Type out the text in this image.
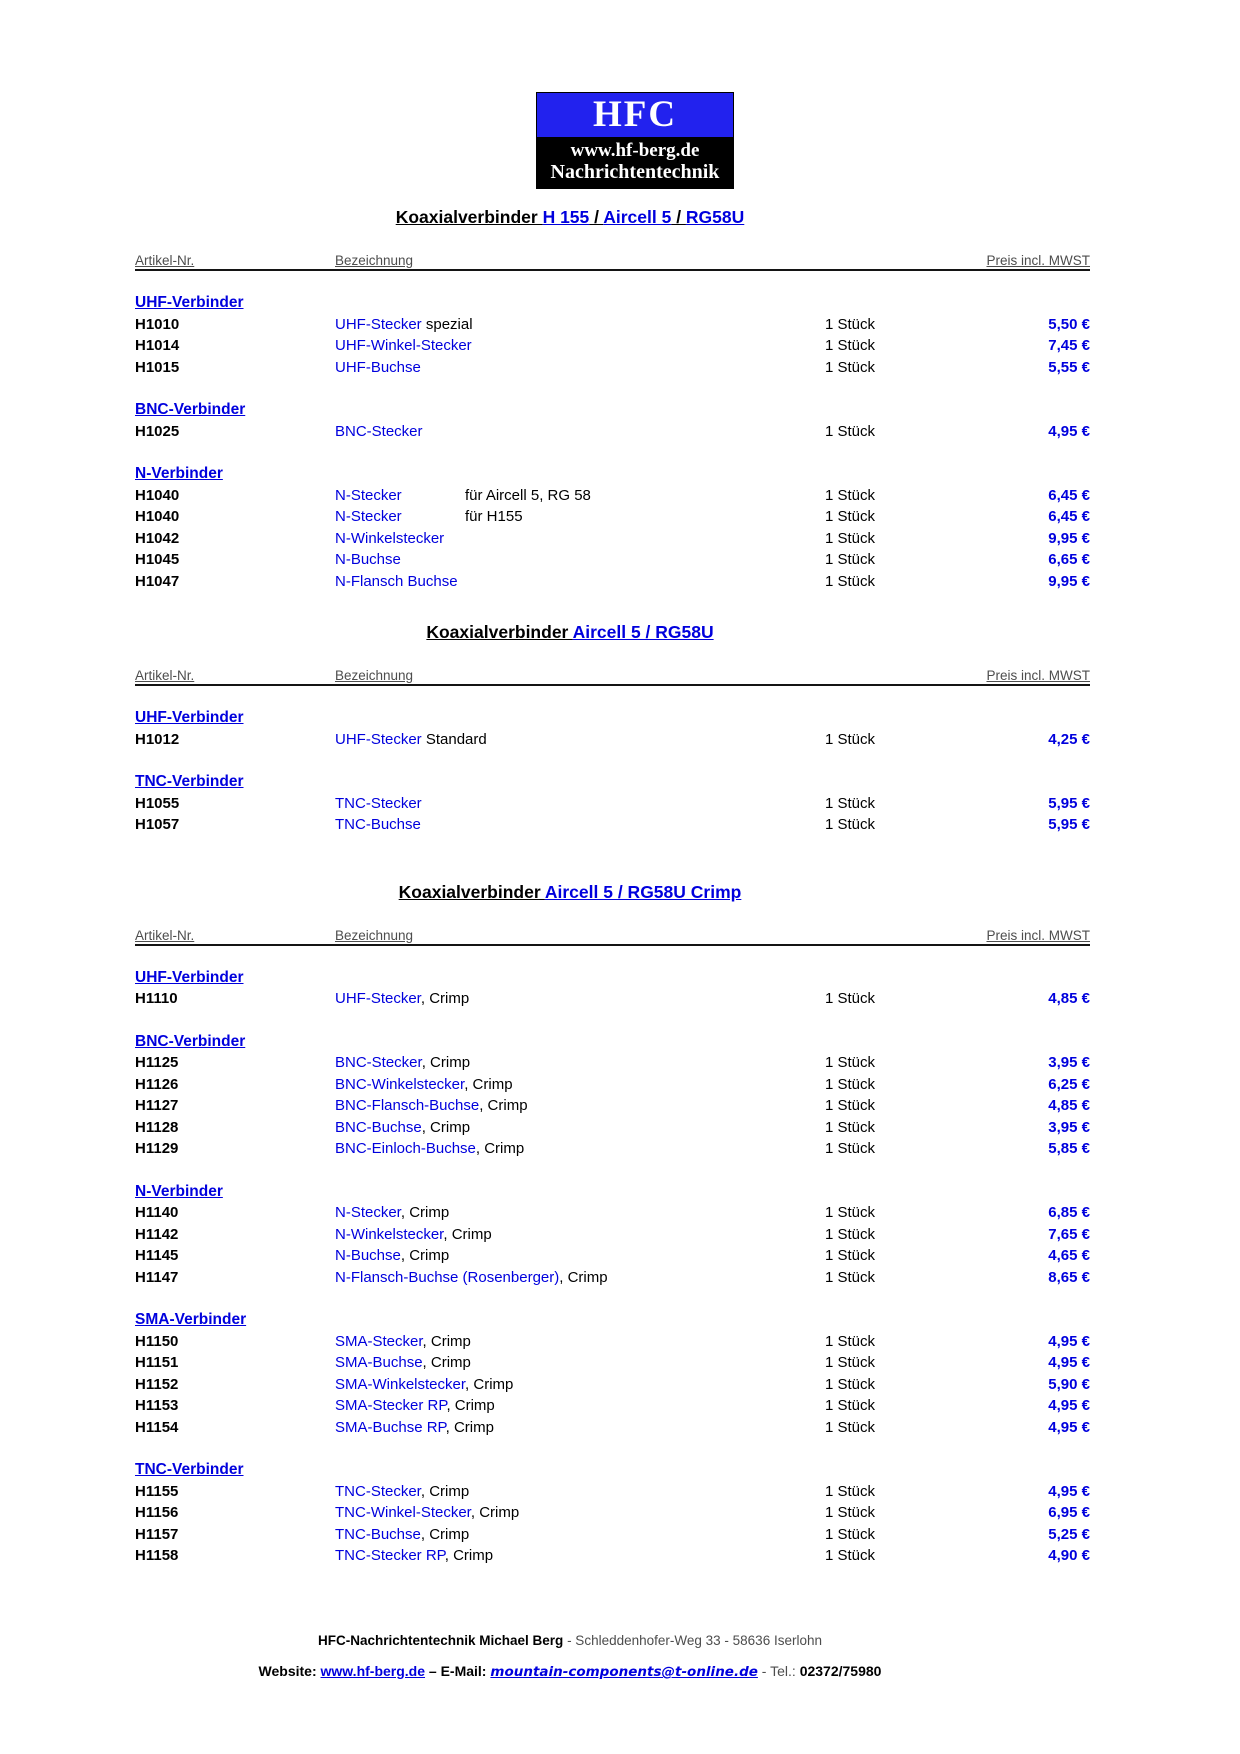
HFC
www.hf-berg.de
Nachrichtentechnik
Koaxialverbinder H 155 / Aircell 5 / RG58U
Artikel-Nr.	Bezeichnung	Preis incl. MWST
UHF-Verbinder
H1010	UHF-Stecker spezial	1 Stück	5,50 €
H1014	UHF-Winkel-Stecker	1 Stück	7,45 €
H1015	UHF-Buchse	1 Stück	5,55 €
BNC-Verbinder
H1025	BNC-Stecker	1 Stück	4,95 €
N-Verbinder
H1040	N-Stecker	für Aircell 5, RG 58	1 Stück	6,45 €
H1040	N-Stecker	für H155	1 Stück	6,45 €
H1042	N-Winkelstecker	1 Stück	9,95 €
H1045	N-Buchse	1 Stück	6,65 €
H1047	N-Flansch Buchse	1 Stück	9,95 €
Koaxialverbinder Aircell 5 / RG58U
Artikel-Nr.	Bezeichnung	Preis incl. MWST
UHF-Verbinder
H1012	UHF-Stecker Standard	1 Stück	4,25 €
TNC-Verbinder
H1055	TNC-Stecker	1 Stück	5,95 €
H1057	TNC-Buchse	1 Stück	5,95 €
Koaxialverbinder Aircell 5 / RG58U Crimp
Artikel-Nr.	Bezeichnung	Preis incl. MWST
UHF-Verbinder
H1110	UHF-Stecker, Crimp	1 Stück	4,85 €
BNC-Verbinder
H1125	BNC-Stecker, Crimp	1 Stück	3,95 €
H1126	BNC-Winkelstecker, Crimp	1 Stück	6,25 €
H1127	BNC-Flansch-Buchse, Crimp	1 Stück	4,85 €
H1128	BNC-Buchse, Crimp	1 Stück	3,95 €
H1129	BNC-Einloch-Buchse, Crimp	1 Stück	5,85 €
N-Verbinder
H1140	N-Stecker, Crimp	1 Stück	6,85 €
H1142	N-Winkelstecker, Crimp	1 Stück	7,65 €
H1145	N-Buchse, Crimp	1 Stück	4,65 €
H1147	N-Flansch-Buchse (Rosenberger), Crimp	1 Stück	8,65 €
SMA-Verbinder
H1150	SMA-Stecker, Crimp	1 Stück	4,95 €
H1151	SMA-Buchse, Crimp	1 Stück	4,95 €
H1152	SMA-Winkelstecker, Crimp	1 Stück	5,90 €
H1153	SMA-Stecker RP, Crimp	1 Stück	4,95 €
H1154	SMA-Buchse RP, Crimp	1 Stück	4,95 €
TNC-Verbinder
H1155	TNC-Stecker, Crimp	1 Stück	4,95 €
H1156	TNC-Winkel-Stecker, Crimp	1 Stück	6,95 €
H1157	TNC-Buchse, Crimp	1 Stück	5,25 €
H1158	TNC-Stecker RP, Crimp	1 Stück	4,90 €
HFC-Nachrichtentechnik Michael Berg - Schleddenhofer-Weg 33 - 58636 Iserlohn
Website: www.hf-berg.de – E-Mail: mountain-components@t-online.de - Tel.: 02372/75980
